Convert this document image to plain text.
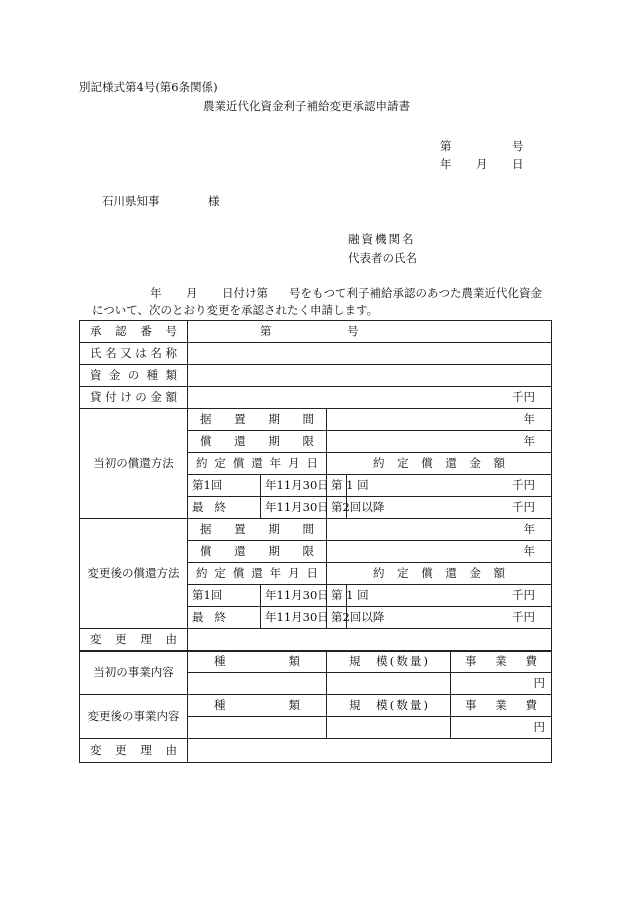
別記様式第4号(第6条関係)
農業近代化資金利子補給変更承認申請書
第	号
年 月 日
石川県知事	様
融資機関名
代表者の氏名
年 月 日付け第 号をもつて利子補給承認のあつた農業近代化資金
について、次のとおり変更を承認されたく申請します。
承認番号	第 号				
氏名又は名称					
資金の種類					
貸付けの金額	千円				
当初の償還方法	据置期間		年		
	償還期限		年		
	約定償還年月日		約定償還金額		
	第1回	年11月30日	第 1 回	千円	
	最終	年11月30日	第2回以降	千円	
変更後の償還方法	据置期間		年		
	償還期限		年		
	約定償還年月日		約定償還金額		
	第1回	年11月30日	第 1 回	千円	
	最終	年11月30日	第2回以降	千円	
変更理由					
当初の事業内容	種類		規　模(数量)		事業費
					円
変更後の事業内容	種類		規　模(数量)		事業費
					円
変更理由					
